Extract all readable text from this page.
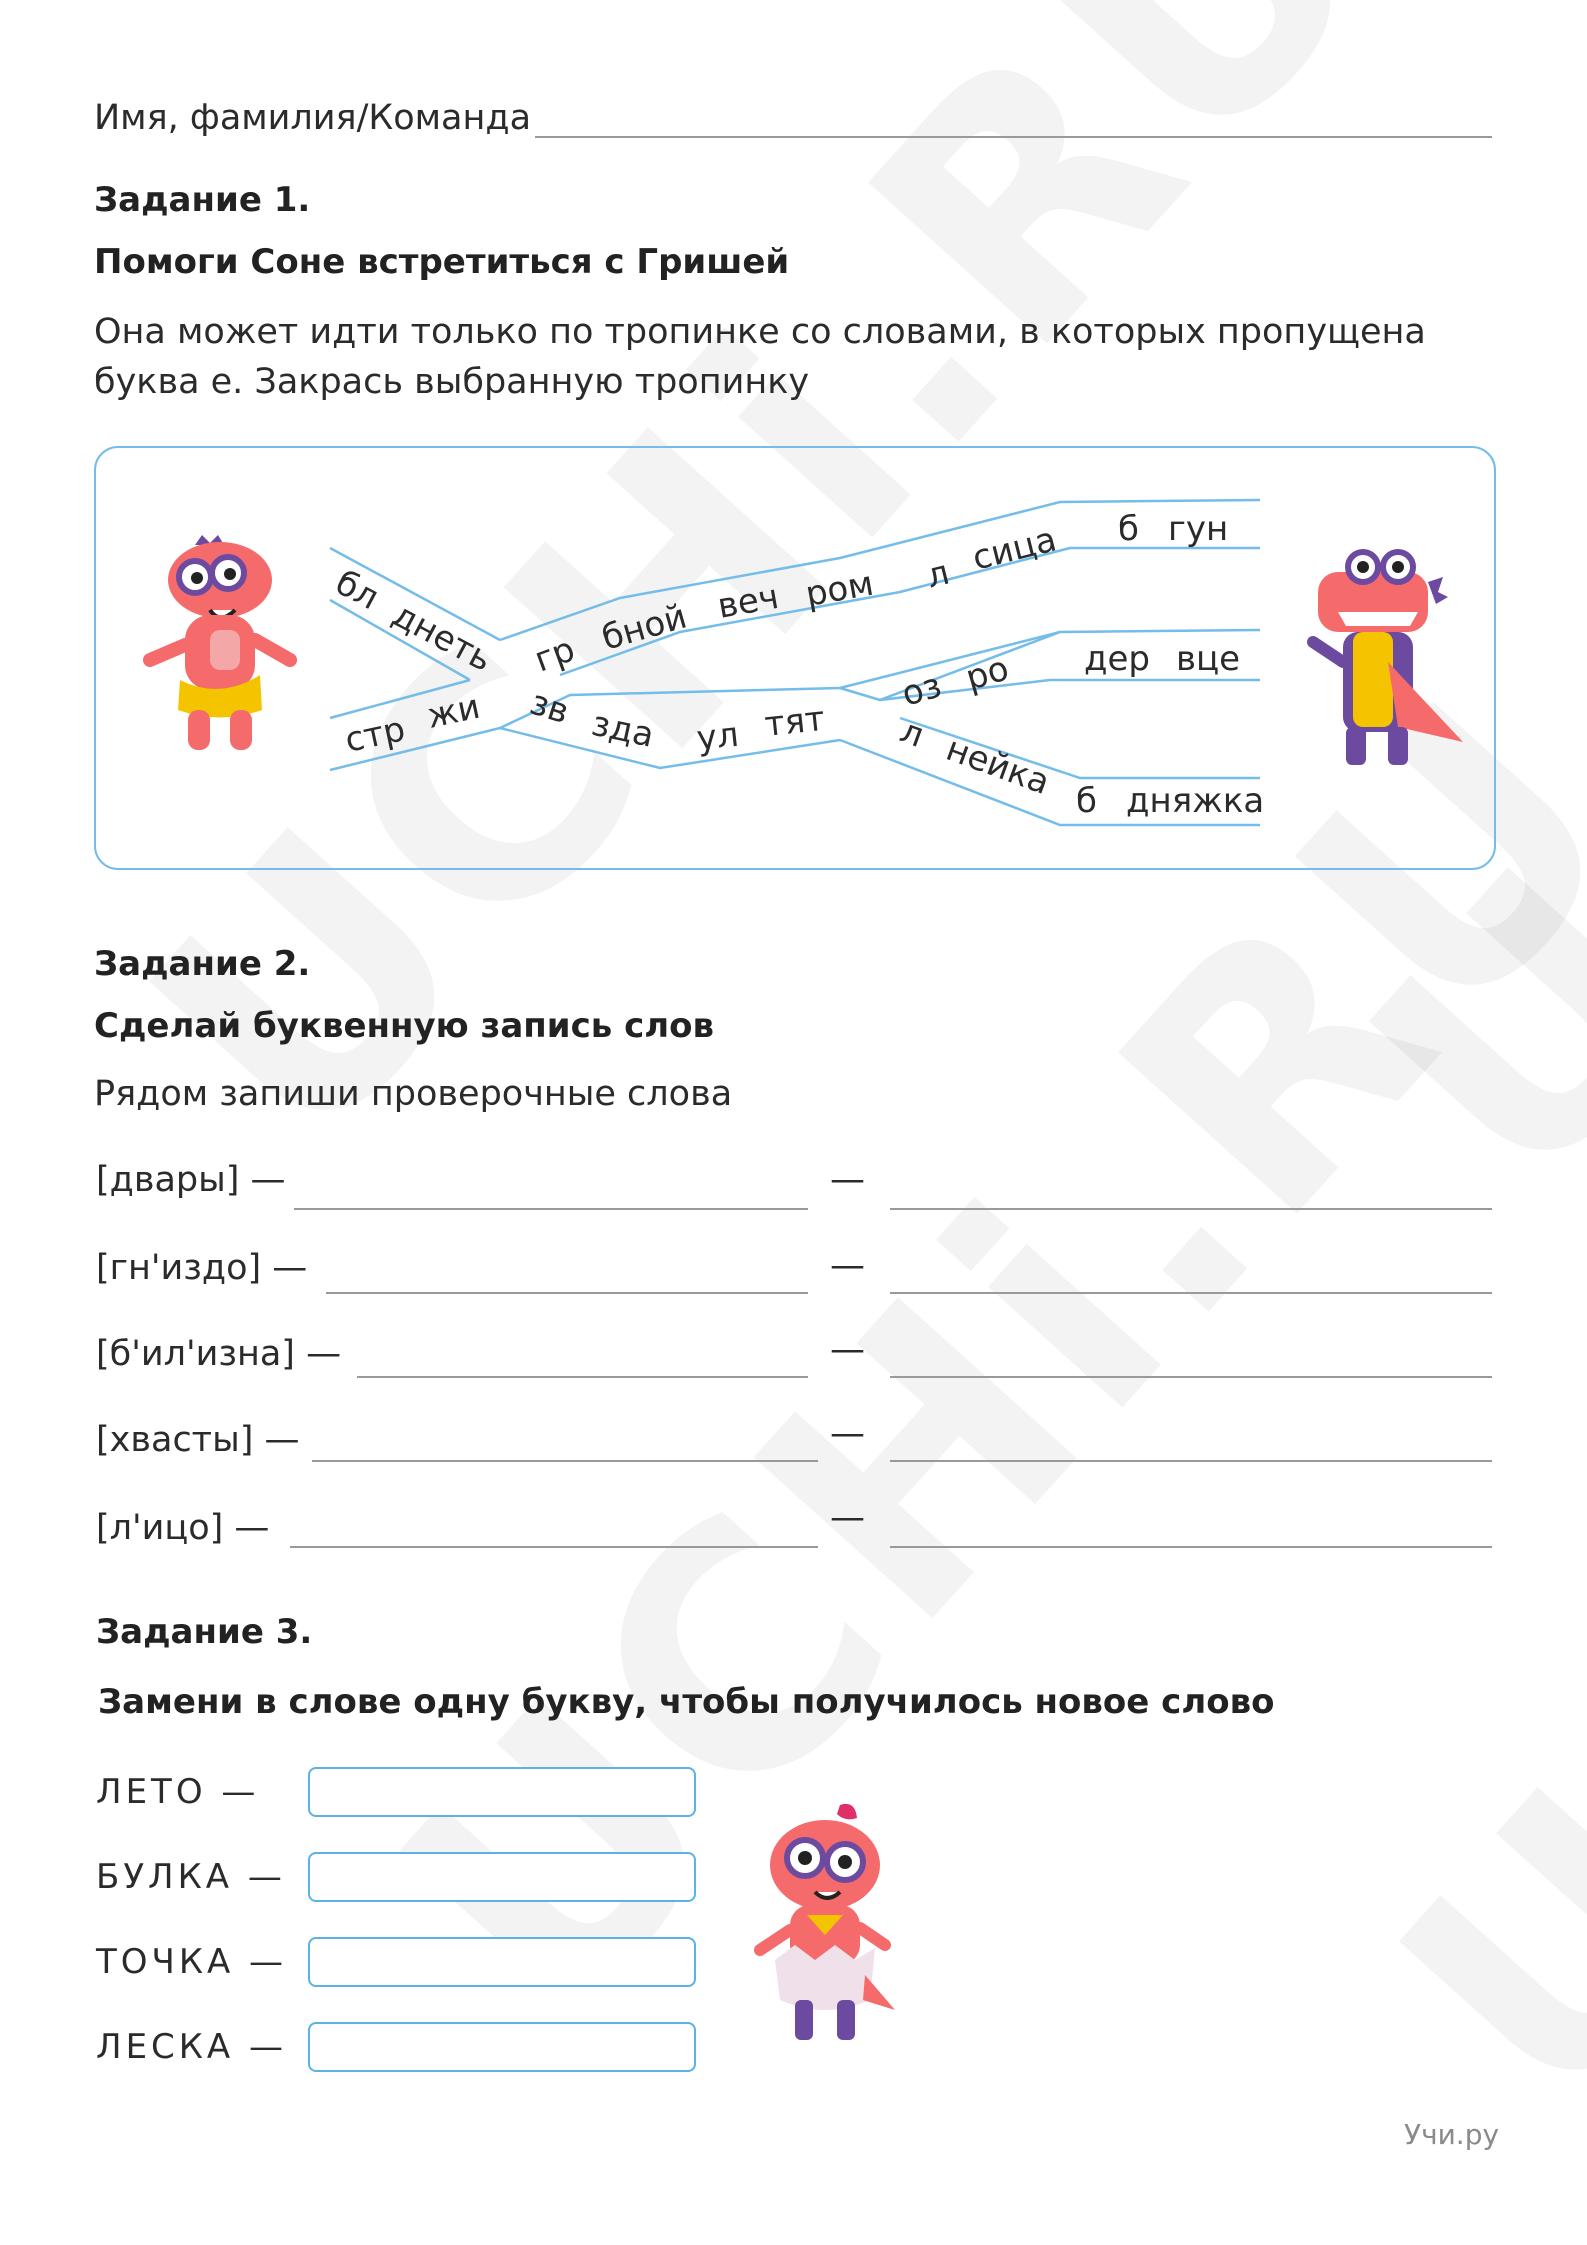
Имя, фамилия/Команда
Задание 1.
Помоги Соне встретиться с Гришей
Она может идти только по тропинке со словами, в которых пропущена
буква е. Закрась выбранную тропинку
бл
днеть
стр жи
гр бной веч ром л сица б гун
зв зда ул тят
оз ро дер вце
л нейка б дняжка
Задание 2.
Сделай буквенную запись слов
Рядом запиши проверочные слова
[двары] —	—
[гн'издо] —	—
[б'ил'изна] —	—
[хвасты] —	—
[л'ицо] —	—
Задание 3.
Замени в слове одну букву, чтобы получилось новое слово
ЛЕТО —
БУЛКА —
ТОЧКА —
ЛЕСКА —
Учи.ру
